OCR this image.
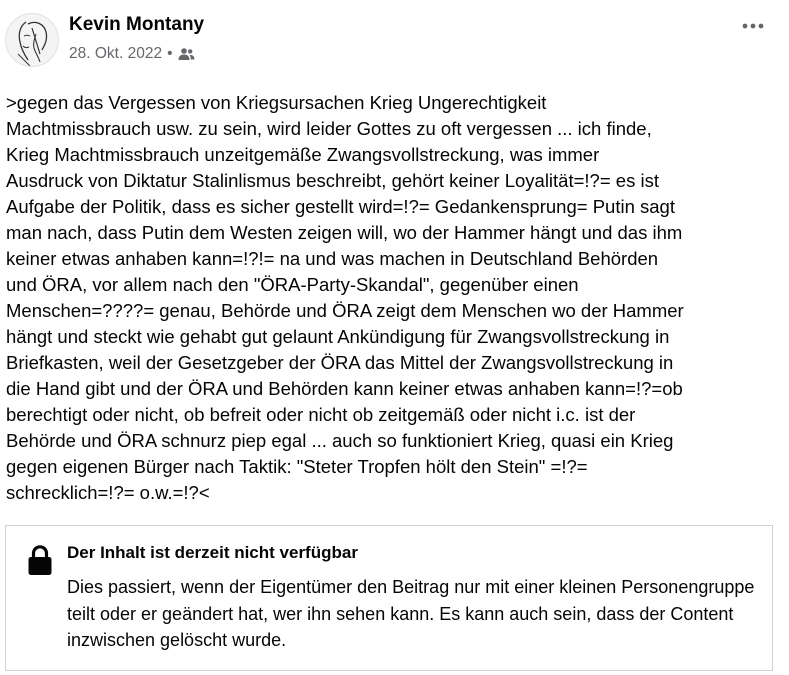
Kevin Montany
28. Okt. 2022 •
>gegen das Vergessen von Kriegsursachen Krieg Ungerechtigkeit
Machtmissbrauch usw. zu sein, wird leider Gottes zu oft vergessen ... ich finde,
Krieg Machtmissbrauch unzeitgemäße Zwangsvollstreckung, was immer
Ausdruck von Diktatur Stalinlismus beschreibt, gehört keiner Loyalität=!?= es ist
Aufgabe der Politik, dass es sicher gestellt wird=!?= Gedankensprung= Putin sagt
man nach, dass Putin dem Westen zeigen will, wo der Hammer hängt und das ihm
keiner etwas anhaben kann=!?!= na und was machen in Deutschland Behörden
und ÖRA, vor allem nach den "ÖRA-Party-Skandal", gegenüber einen
Menschen=????= genau, Behörde und ÖRA zeigt dem Menschen wo der Hammer
hängt und steckt wie gehabt gut gelaunt Ankündigung für Zwangsvollstreckung in
Briefkasten, weil der Gesetzgeber der ÖRA das Mittel der Zwangsvollstreckung in
die Hand gibt und der ÖRA und Behörden kann keiner etwas anhaben kann=!?=ob
berechtigt oder nicht, ob befreit oder nicht ob zeitgemäß oder nicht i.c. ist der
Behörde und ÖRA schnurz piep egal ... auch so funktioniert Krieg, quasi ein Krieg
gegen eigenen Bürger nach Taktik: "Steter Tropfen hölt den Stein" =!?=
schrecklich=!?= o.w.=!?<
Der Inhalt ist derzeit nicht verfügbar
Dies passiert, wenn der Eigentümer den Beitrag nur mit einer kleinen Personengruppe teilt oder er geändert hat, wer ihn sehen kann. Es kann auch sein, dass der Content inzwischen gelöscht wurde.
